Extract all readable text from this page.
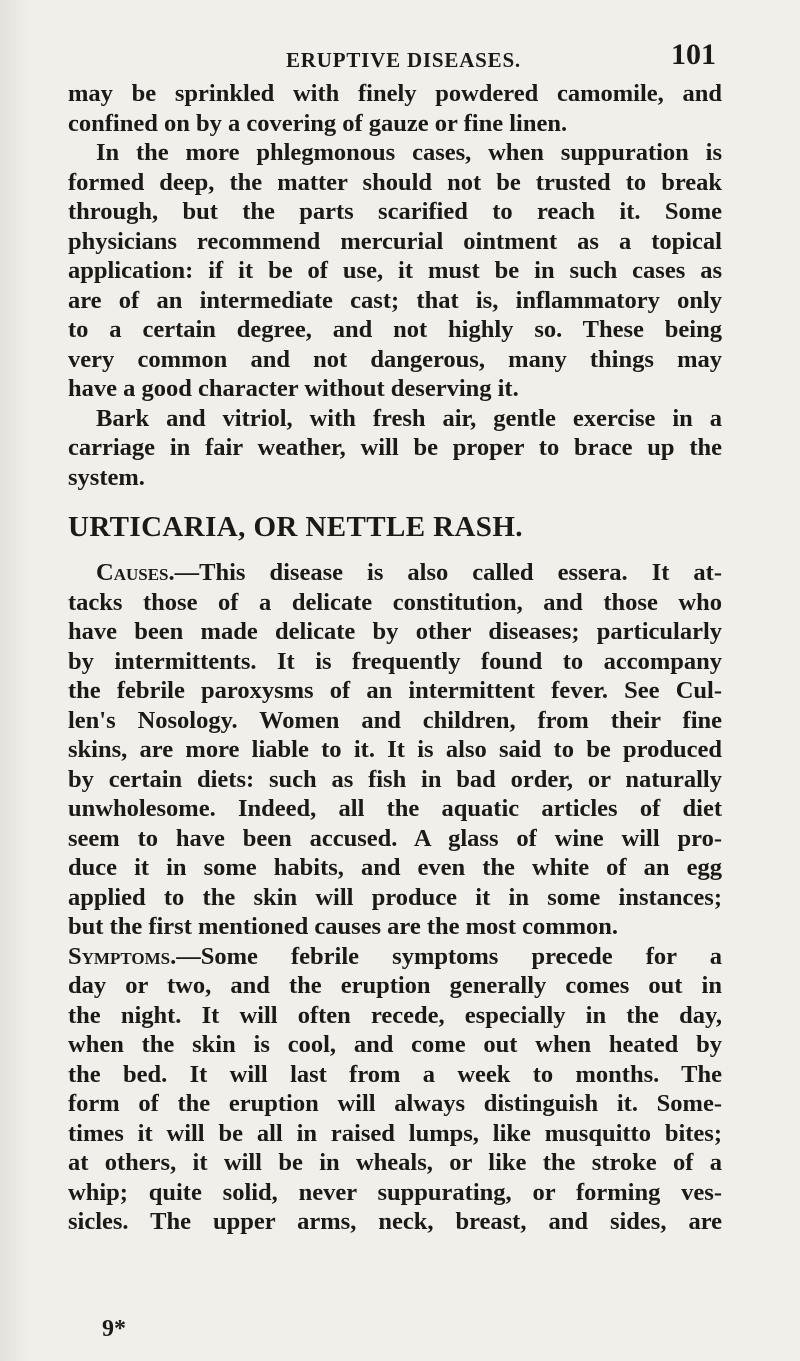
ERUPTIVE DISEASES.	101
may be sprinkled with finely powdered camomile, and
confined on by a covering of gauze or fine linen.
In the more phlegmonous cases, when suppuration is
formed deep, the matter should not be trusted to break
through, but the parts scarified to reach it. Some
physicians recommend mercurial ointment as a topical
application: if it be of use, it must be in such cases as
are of an intermediate cast; that is, inflammatory only
to a certain degree, and not highly so. These being
very common and not dangerous, many things may
have a good character without deserving it.
Bark and vitriol, with fresh air, gentle exercise in a
carriage in fair weather, will be proper to brace up the
system.
URTICARIA, OR NETTLE RASH.
Causes.—This disease is also called essera. It at-
tacks those of a delicate constitution, and those who
have been made delicate by other diseases; particularly
by intermittents. It is frequently found to accompany
the febrile paroxysms of an intermittent fever. See Cul-
len's Nosology. Women and children, from their fine
skins, are more liable to it. It is also said to be produced
by certain diets: such as fish in bad order, or naturally
unwholesome. Indeed, all the aquatic articles of diet
seem to have been accused. A glass of wine will pro-
duce it in some habits, and even the white of an egg
applied to the skin will produce it in some instances;
but the first mentioned causes are the most common.
Symptoms.—Some febrile symptoms precede for a
day or two, and the eruption generally comes out in
the night. It will often recede, especially in the day,
when the skin is cool, and come out when heated by
the bed. It will last from a week to months. The
form of the eruption will always distinguish it. Some-
times it will be all in raised lumps, like musquitto bites;
at others, it will be in wheals, or like the stroke of a
whip; quite solid, never suppurating, or forming ves-
sicles. The upper arms, neck, breast, and sides, are
9*
